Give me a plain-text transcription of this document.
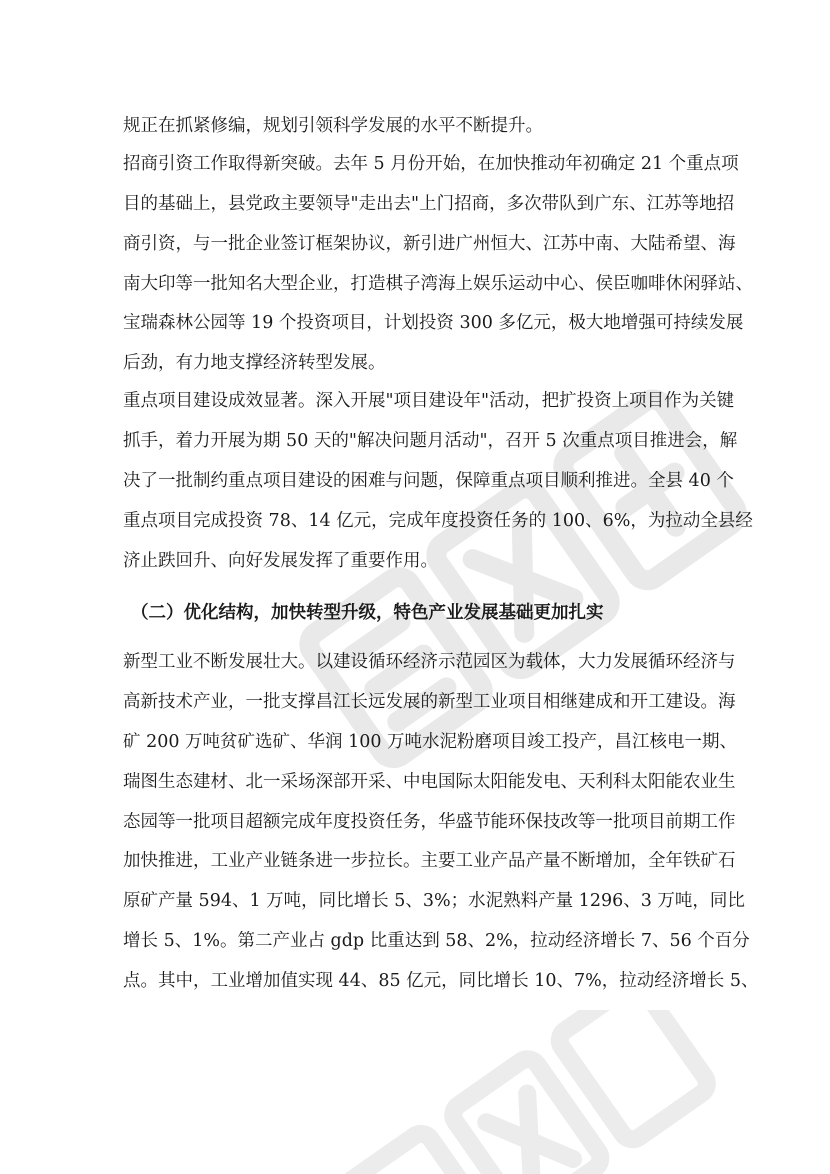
规正在抓紧修编，规划引领科学发展的水平不断提升。
招商引资工作取得新突破。去年 5 月份开始，在加快推动年初确定 21 个重点项
目的基础上，县党政主要领导"走出去"上门招商，多次带队到广东、江苏等地招
商引资，与一批企业签订框架协议，新引进广州恒大、江苏中南、大陆希望、海
南大印等一批知名大型企业，打造棋子湾海上娱乐运动中心、侯臣咖啡休闲驿站、
宝瑞森林公园等 19 个投资项目，计划投资 300 多亿元，极大地增强可持续发展
后劲，有力地支撑经济转型发展。
重点项目建设成效显著。深入开展"项目建设年"活动，把扩投资上项目作为关键
抓手，着力开展为期 50 天的"解决问题月活动"，召开 5 次重点项目推进会，解
决了一批制约重点项目建设的困难与问题，保障重点项目顺利推进。全县 40 个
重点项目完成投资 78、14 亿元，完成年度投资任务的 100、6%，为拉动全县经
济止跌回升、向好发展发挥了重要作用。
（二）优化结构，加快转型升级，特色产业发展基础更加扎实
新型工业不断发展壮大。以建设循环经济示范园区为载体，大力发展循环经济与
高新技术产业，一批支撑昌江长远发展的新型工业项目相继建成和开工建设。海
矿 200 万吨贫矿选矿、华润 100 万吨水泥粉磨项目竣工投产，昌江核电一期、
瑞图生态建材、北一采场深部开采、中电国际太阳能发电、天利科太阳能农业生
态园等一批项目超额完成年度投资任务，华盛节能环保技改等一批项目前期工作
加快推进，工业产业链条进一步拉长。主要工业产品产量不断增加，全年铁矿石
原矿产量 594、1 万吨，同比增长 5、3%；水泥熟料产量 1296、3 万吨，同比
增长 5、1%。第二产业占 gdp 比重达到 58、2%，拉动经济增长 7、56 个百分
点。其中，工业增加值实现 44、85 亿元，同比增长 10、7%，拉动经济增长 5、
